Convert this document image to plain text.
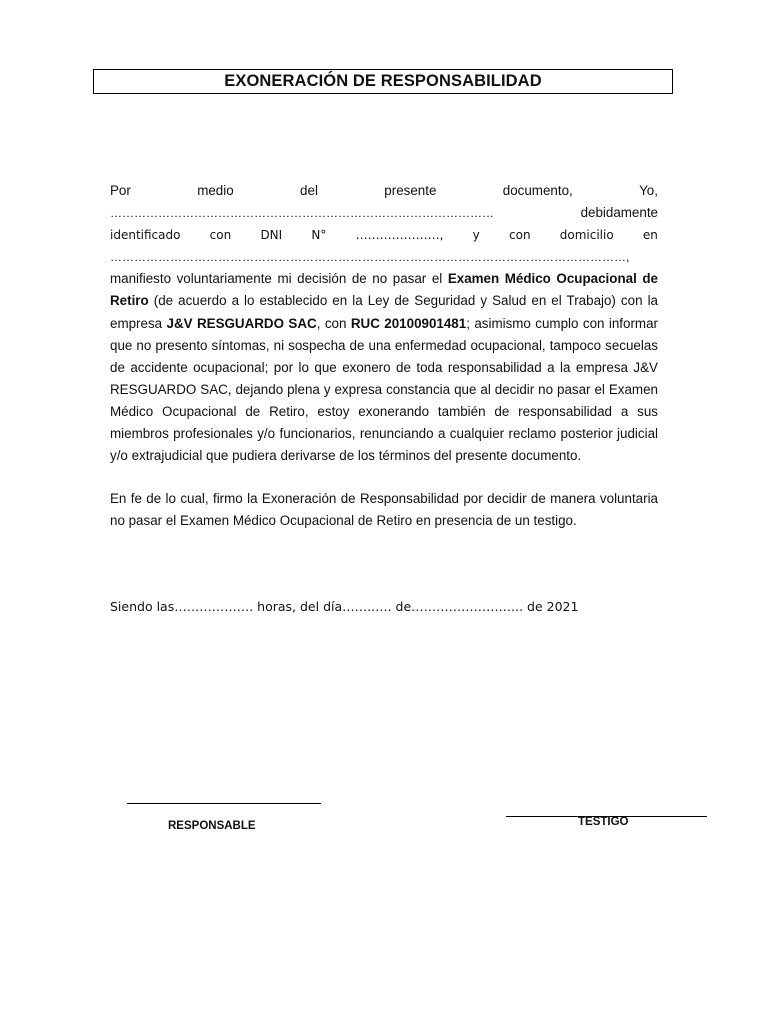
EXONERACIÓN DE RESPONSABILIDAD
Por	medio	del	presente	documento,	Yo,
……………………………………………………………………………………	debidamente
identificado con DNI N° …………………, y con domicilio en
…………………………………………………………………………………………………………………,
manifiesto voluntariamente mi decisión de no pasar el Examen Médico Ocupacional de Retiro (de acuerdo a lo establecido en la Ley de Seguridad y Salud en el Trabajo) con la empresa J&V RESGUARDO SAC, con RUC 20100901481; asimismo cumplo con informar que no presento síntomas, ni sospecha de una enfermedad ocupacional, tampoco secuelas de accidente ocupacional; por lo que exonero de toda responsabilidad a la empresa J&V RESGUARDO SAC, dejando plena y expresa constancia que al decidir no pasar el Examen Médico Ocupacional de Retiro, estoy exonerando también de responsabilidad a sus miembros profesionales y/o funcionarios, renunciando a cualquier reclamo posterior judicial y/o extrajudicial que pudiera derivarse de los términos del presente documento.
En fe de lo cual, firmo la Exoneración de Responsabilidad por decidir de manera voluntaria no pasar el Examen Médico Ocupacional de Retiro en presencia de un testigo.
Siendo las………………. horas, del día……..…. de………………….….. de 2021
RESPONSABLE	TESTIGO
